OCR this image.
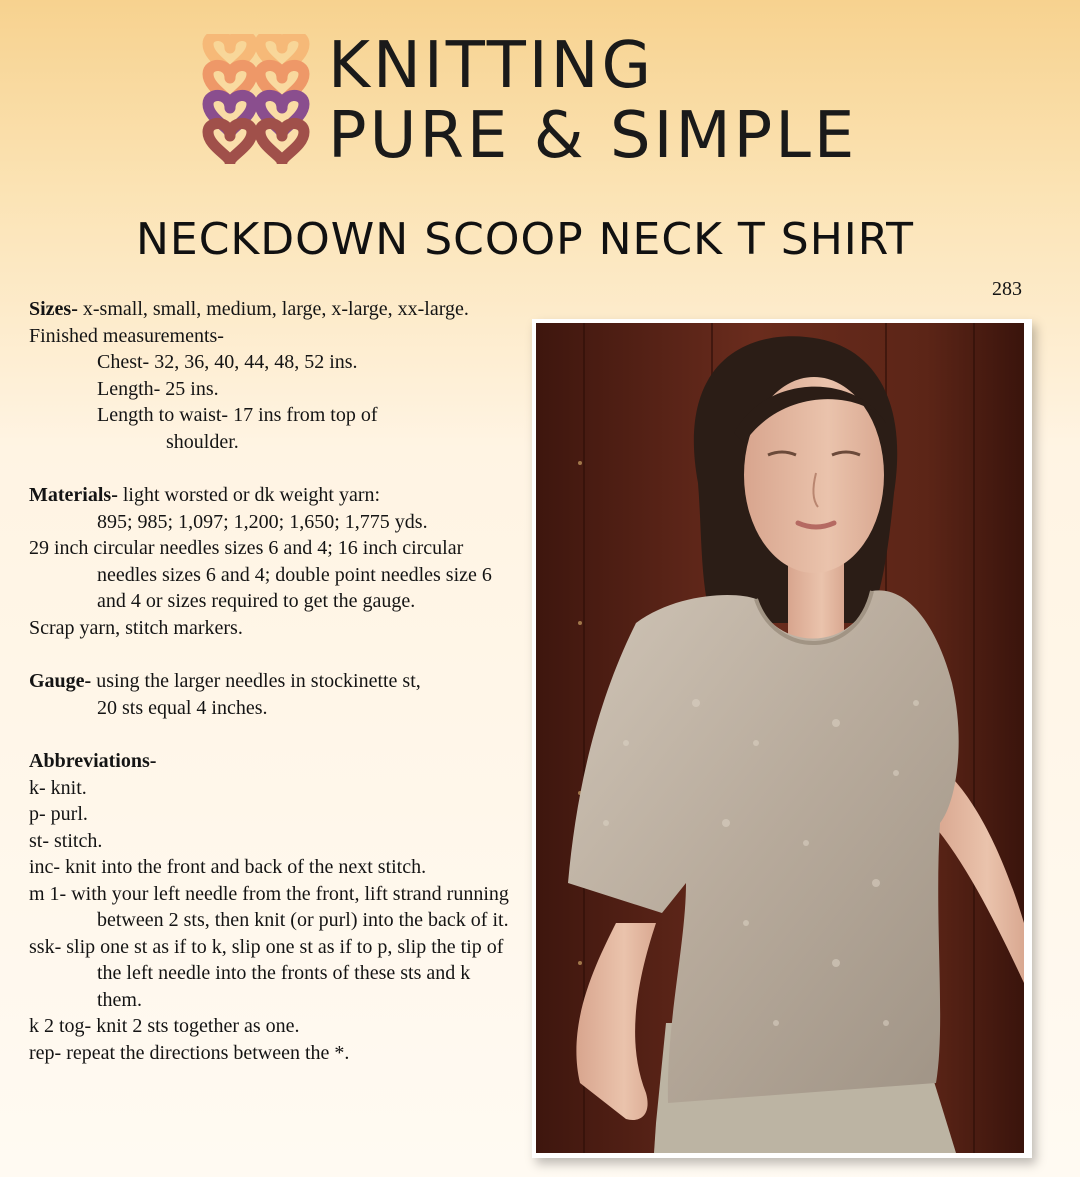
KNITTING
PURE & SIMPLE
NECKDOWN SCOOP NECK T SHIRT
283

Sizes- x-small, small, medium, large, x-large, xx-large.

Finished measurements-

Chest- 32, 36, 40, 44, 48, 52 ins.

Length- 25 ins.

Length to waist- 17 ins from top of

shoulder.

Materials- light worsted or dk weight yarn:

895; 985; 1,097; 1,200; 1,650; 1,775 yds.

29 inch circular needles sizes 6 and 4; 16 inch circular needles sizes 6 and 4; double point needles size 6 and 4 or sizes required to get the gauge.

Scrap yarn, stitch markers.

Gauge- using the larger needles in stockinette st,

20 sts equal 4 inches.

Abbreviations-

k- knit.

p- purl.

st- stitch.

inc- knit into the front and back of the next stitch.

m 1- with your left needle from the front, lift strand running between 2 sts, then knit (or purl) into the back of it.

ssk- slip one st as if to k, slip one st as if to p, slip the tip of the left needle into the fronts of these sts and k them.

k 2 tog- knit 2 sts together as one.

rep- repeat the directions between the *.
